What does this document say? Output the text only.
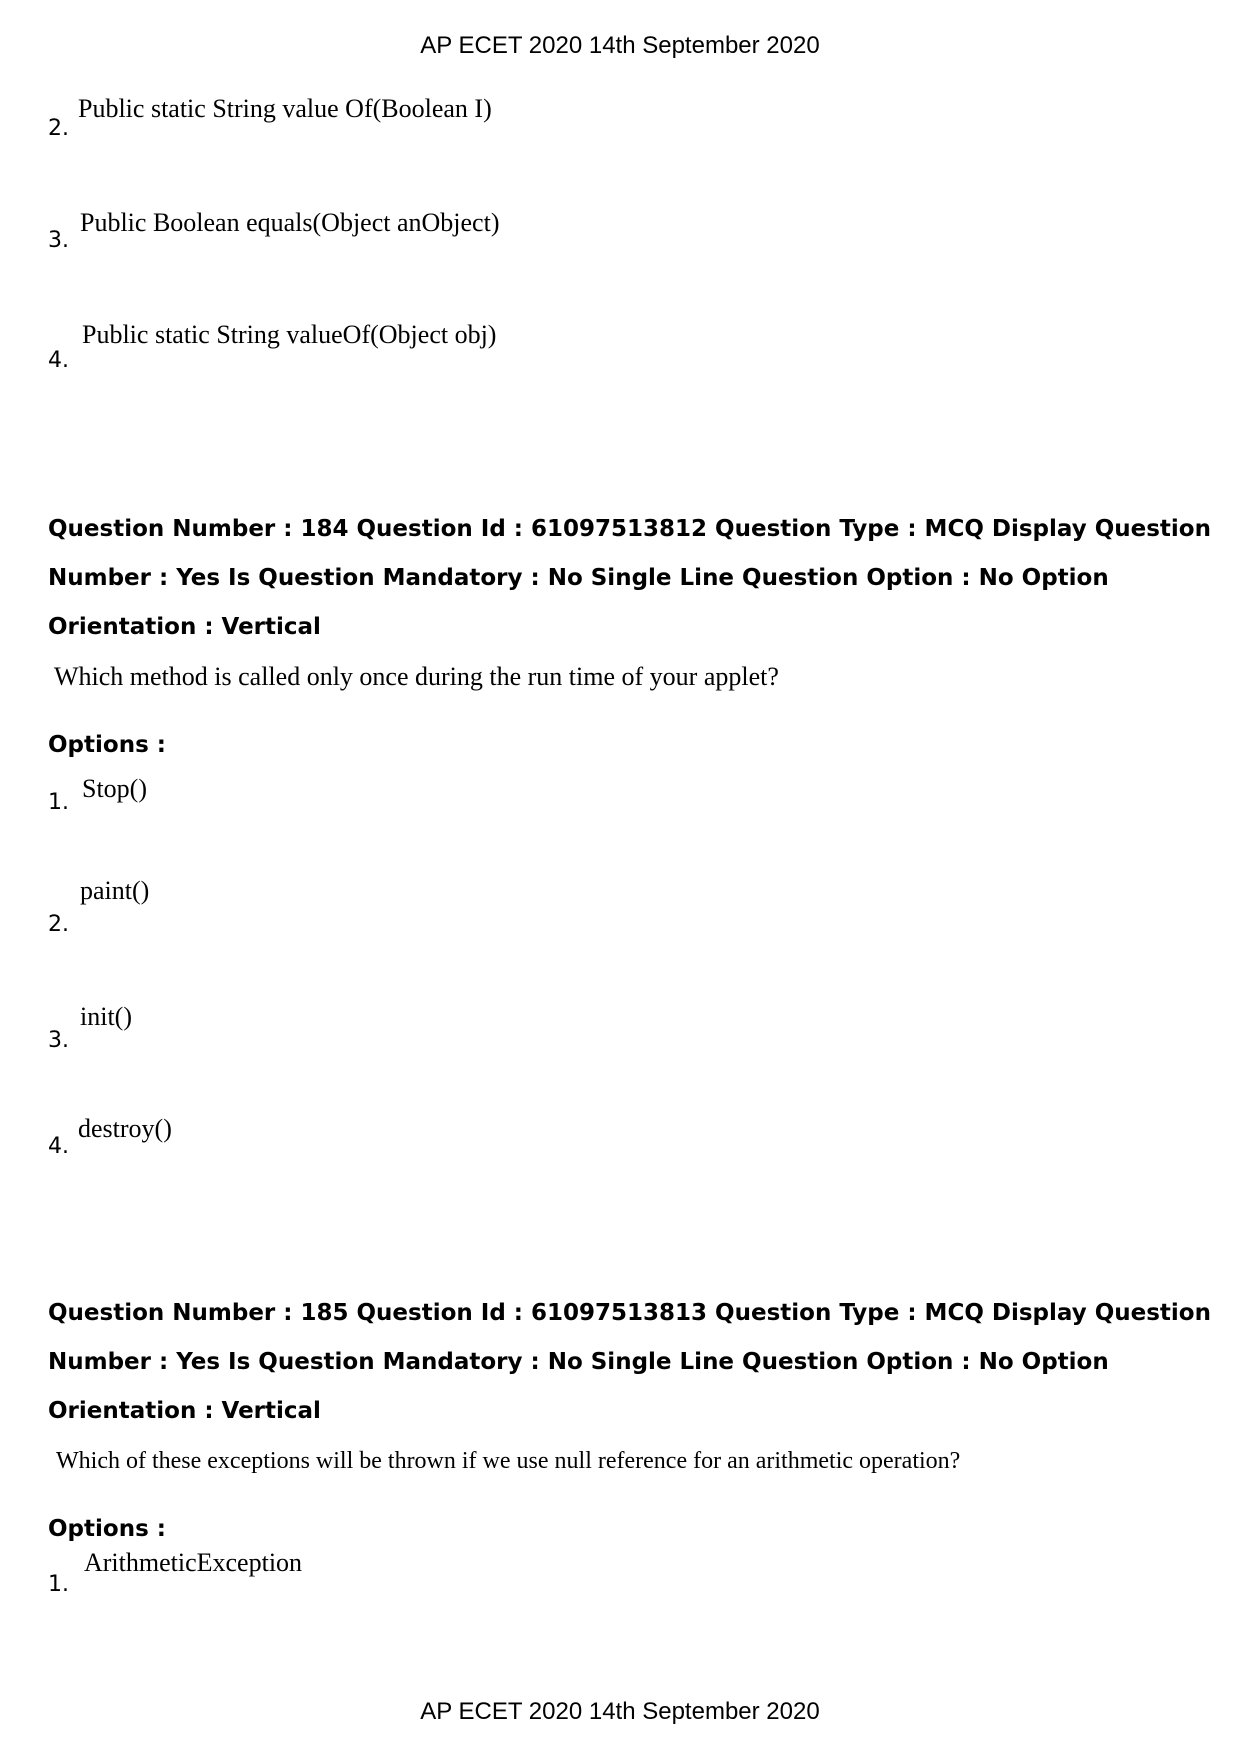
AP ECET 2020 14th September 2020
2.
Public static String value Of(Boolean I)
3.
Public Boolean equals(Object anObject)
4.
Public static String valueOf(Object obj)
Question Number : 184 Question Id : 61097513812 Question Type : MCQ Display Question
Number : Yes Is Question Mandatory : No Single Line Question Option : No Option
Orientation : Vertical
Which method is called only once during the run time of your applet?
Options :
1. Stop()
2.
paint()
3.
init()
4.
destroy()
Question Number : 185 Question Id : 61097513813 Question Type : MCQ Display Question
Number : Yes Is Question Mandatory : No Single Line Question Option : No Option
Orientation : Vertical
Which of these exceptions will be thrown if we use null reference for an arithmetic operation?
Options :
1.
ArithmeticException
AP ECET 2020 14th September 2020
